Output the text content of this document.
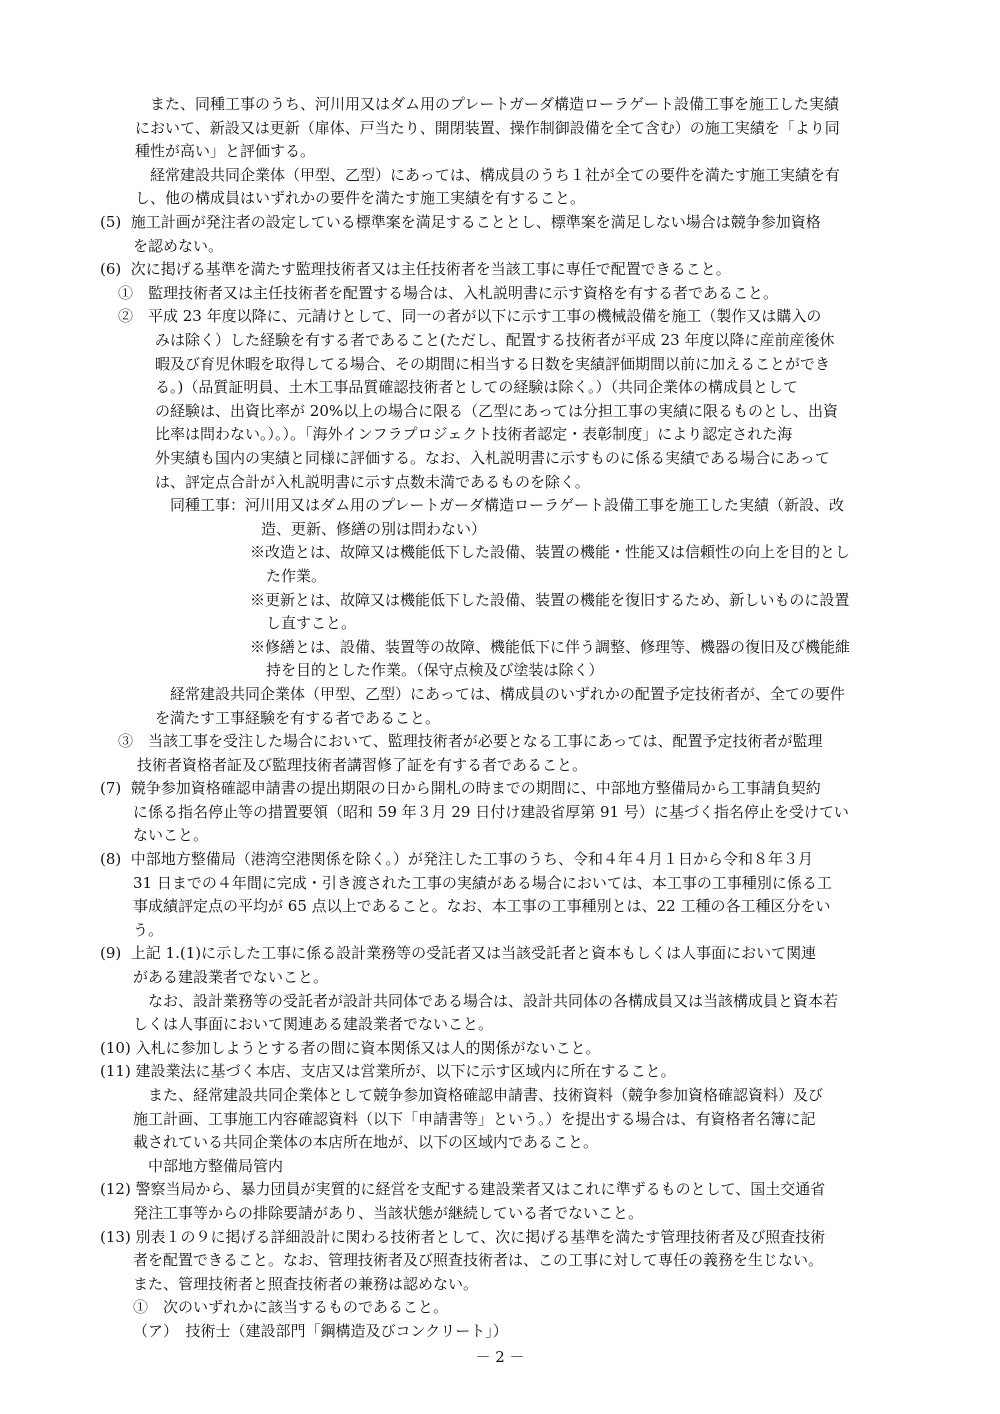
　また、同種工事のうち、河川用又はダム用のプレートガーダ構造ローラゲート設備工事を施工した実績
において、新設又は更新（扉体、戸当たり、開閉装置、操作制御設備を全て含む）の施工実績を「より同
種性が高い」と評価する。
　経常建設共同企業体（甲型、乙型）にあっては、構成員のうち１社が全ての要件を満たす施工実績を有
し、他の構成員はいずれかの要件を満たす施工実績を有すること。
(5)  施工計画が発注者の設定している標準案を満足することとし、標準案を満足しない場合は競争参加資格
を認めない。
(6)  次に掲げる基準を満たす監理技術者又は主任技術者を当該工事に専任で配置できること。
①　監理技術者又は主任技術者を配置する場合は、入札説明書に示す資格を有する者であること。
②　平成 23 年度以降に、元請けとして、同一の者が以下に示す工事の機械設備を施工（製作又は購入の
みは除く）した経験を有する者であること(ただし、配置する技術者が平成 23 年度以降に産前産後休
暇及び育児休暇を取得してる場合、その期間に相当する日数を実績評価期間以前に加えることができ
る。)（品質証明員、土木工事品質確認技術者としての経験は除く。）（共同企業体の構成員として
の経験は、出資比率が 20%以上の場合に限る（乙型にあっては分担工事の実績に限るものとし、出資
比率は問わない。）。）。「海外インフラプロジェクト技術者認定・表彰制度」により認定された海
外実績も国内の実績と同様に評価する。なお、入札説明書に示すものに係る実績である場合にあって
は、評定点合計が入札説明書に示す点数未満であるものを除く。
同種工事：河川用又はダム用のプレートガーダ構造ローラゲート設備工事を施工した実績（新設、改
造、更新、修繕の別は問わない）
※改造とは、故障又は機能低下した設備、装置の機能・性能又は信頼性の向上を目的とし
た作業。
※更新とは、故障又は機能低下した設備、装置の機能を復旧するため、新しいものに設置
し直すこと。
※修繕とは、設備、装置等の故障、機能低下に伴う調整、修理等、機器の復旧及び機能維
持を目的とした作業。（保守点検及び塗装は除く）
　経常建設共同企業体（甲型、乙型）にあっては、構成員のいずれかの配置予定技術者が、全ての要件
を満たす工事経験を有する者であること。
③　当該工事を受注した場合において、監理技術者が必要となる工事にあっては、配置予定技術者が監理
技術者資格者証及び監理技術者講習修了証を有する者であること。
(7)  競争参加資格確認申請書の提出期限の日から開札の時までの期間に、中部地方整備局から工事請負契約
に係る指名停止等の措置要領（昭和 59 年３月 29 日付け建設省厚第 91 号）に基づく指名停止を受けてい
ないこと。
(8)  中部地方整備局（港湾空港関係を除く。）が発注した工事のうち、令和４年４月１日から令和８年３月
31 日までの４年間に完成・引き渡された工事の実績がある場合においては、本工事の工事種別に係る工
事成績評定点の平均が 65 点以上であること。なお、本工事の工事種別とは、22 工種の各工種区分をい
う。
(9)  上記 1.(1)に示した工事に係る設計業務等の受託者又は当該受託者と資本もしくは人事面において関連
がある建設業者でないこと。
　なお、設計業務等の受託者が設計共同体である場合は、設計共同体の各構成員又は当該構成員と資本若
しくは人事面において関連ある建設業者でないこと。
(10) 入札に参加しようとする者の間に資本関係又は人的関係がないこと。
(11) 建設業法に基づく本店、支店又は営業所が、以下に示す区域内に所在すること。
　また、経常建設共同企業体として競争参加資格確認申請書、技術資料（競争参加資格確認資料）及び
施工計画、工事施工内容確認資料（以下「申請書等」という。）を提出する場合は、有資格者名簿に記
載されている共同企業体の本店所在地が、以下の区域内であること。
　中部地方整備局管内
(12) 警察当局から、暴力団員が実質的に経営を支配する建設業者又はこれに準ずるものとして、国土交通省
発注工事等からの排除要請があり、当該状態が継続している者でないこと。
(13) 別表１の９に掲げる詳細設計に関わる技術者として、次に掲げる基準を満たす管理技術者及び照査技術
者を配置できること。なお、管理技術者及び照査技術者は、この工事に対して専任の義務を生じない。
また、管理技術者と照査技術者の兼務は認めない。
①　次のいずれかに該当するものであること。
（ア）　技術士（建設部門「鋼構造及びコンクリート」）
－ 2 －
